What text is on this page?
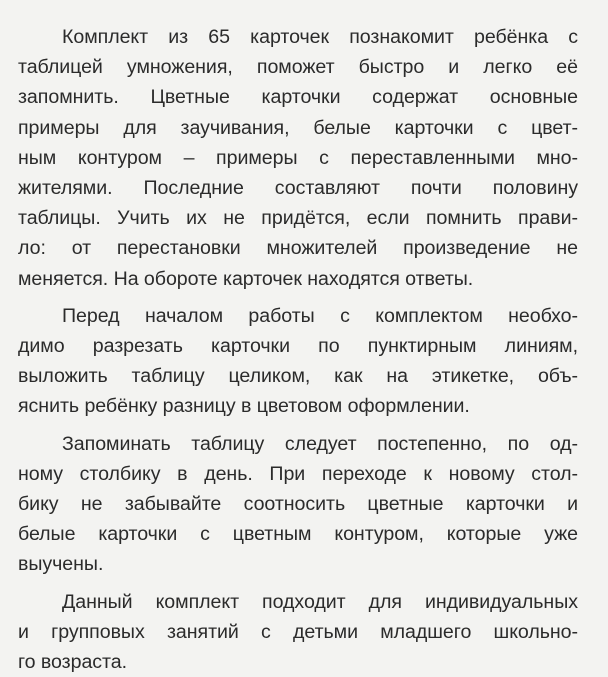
Комплект из 65 карточек познакомит ребёнка с
таблицей умножения, поможет быстро и легко её
запомнить. Цветные карточки содержат основные
примеры для заучивания, белые карточки с цвет-
ным контуром – примеры с переставленными мно-
жителями. Последние составляют почти половину
таблицы. Учить их не придётся, если помнить прави-
ло: от перестановки множителей произведение не
меняется. На обороте карточек находятся ответы.

Перед началом работы с комплектом необхо-
димо разрезать карточки по пунктирным линиям,
выложить таблицу целиком, как на этикетке, объ-
яснить ребёнку разницу в цветовом оформлении.

Запоминать таблицу следует постепенно, по од-
ному столбику в день. При переходе к новому стол-
бику не забывайте соотносить цветные карточки и
белые карточки с цветным контуром, которые уже
выучены.

Данный комплект подходит для индивидуальных
и групповых занятий с детьми младшего школьно-
го возраста.
